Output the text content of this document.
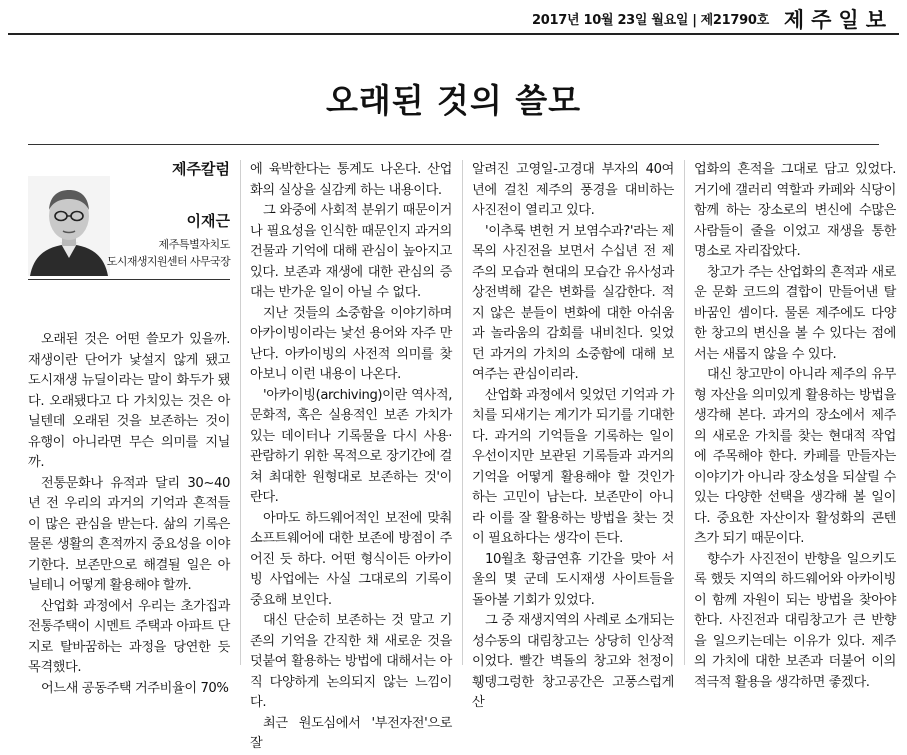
2017년 10월 23일 월요일 | 제21790호 제주일보
오래된 것의 쓸모
제주칼럼
이재근
제주특별자치도
도시재생지원센터 사무국장

오래된 것은 어떤 쓸모가 있을까. 재생이란 단어가 낯설지 않게 됐고 도시재생 뉴딜이라는 말이 화두가 됐다. 오래됐다고 다 가치있는 것은 아닐텐데 오래된 것을 보존하는 것이 유행이 아니라면 무슨 의미를 지닐까.

전통문화나 유적과 달리 30~40년 전 우리의 과거의 기억과 흔적들이 많은 관심을 받는다. 삶의 기록은 물론 생활의 흔적까지 중요성을 이야기한다. 보존만으로 해결될 일은 아닐테니 어떻게 활용해야 할까.

산업화 과정에서 우리는 초가집과 전통주택이 시멘트 주택과 아파트 단지로 탈바꿈하는 과정을 당연한 듯 목격했다.

어느새 공동주택 거주비율이 70%

에 육박한다는 통계도 나온다. 산업화의 실상을 실감케 하는 내용이다.

그 와중에 사회적 분위기 때문이거나 필요성을 인식한 때문인지 과거의 건물과 기억에 대해 관심이 높아지고 있다. 보존과 재생에 대한 관심의 증대는 반가운 일이 아닐 수 없다.

지난 것들의 소중함을 이야기하며 아카이빙이라는 낯선 용어와 자주 만난다. 아카이빙의 사전적 의미를 찾아보니 이런 내용이 나온다.

'아카이빙(archiving)이란 역사적, 문화적, 혹은 실용적인 보존 가치가 있는 데이터나 기록물을 다시 사용·관람하기 위한 목적으로 장기간에 걸쳐 최대한 원형대로 보존하는 것'이란다.

아마도 하드웨어적인 보전에 맞춰 소프트웨어에 대한 보존에 방점이 주어진 듯 하다. 어떤 형식이든 아카이빙 사업에는 사실 그대로의 기록이 중요해 보인다.

대신 단순히 보존하는 것 말고 기존의 기억을 간직한 채 새로운 것을 덧붙여 활용하는 방법에 대해서는 아직 다양하게 논의되지 않는 느낌이다.

최근 원도심에서 '부전자전'으로 잘

알려진 고영일-고경대 부자의 40여년에 걸친 제주의 풍경을 대비하는 사진전이 열리고 있다.

'이추룩 변헌 거 보염수과?'라는 제목의 사진전을 보면서 수십년 전 제주의 모습과 현대의 모습간 유사성과 상전벽해 같은 변화를 실감한다. 적지 않은 분들이 변화에 대한 아쉬움과 놀라움의 감회를 내비친다. 잊었던 과거의 가치의 소중함에 대해 보여주는 관심이리라.

산업화 과정에서 잊었던 기억과 가치를 되새기는 계기가 되기를 기대한다. 과거의 기억들을 기록하는 일이 우선이지만 보관된 기록들과 과거의 기억을 어떻게 활용해야 할 것인가 하는 고민이 남는다. 보존만이 아니라 이를 잘 활용하는 방법을 찾는 것이 필요하다는 생각이 든다.

10월초 황금연휴 기간을 맞아 서울의 몇 군데 도시재생 사이트들을 돌아볼 기회가 있었다.

그 중 재생지역의 사례로 소개되는 성수동의 대림창고는 상당히 인상적이었다. 빨간 벽돌의 창고와 천정이 휑뎅그렁한 창고공간은 고풍스럽게 산

업화의 흔적을 그대로 담고 있었다. 거기에 갤러리 역할과 카페와 식당이 함께 하는 장소로의 변신에 수많은 사람들이 줄을 이었고 재생을 통한 명소로 자리잡았다.

창고가 주는 산업화의 흔적과 새로운 문화 코드의 결합이 만들어낸 탈바꿈인 셈이다. 물론 제주에도 다양한 창고의 변신을 볼 수 있다는 점에서는 새롭지 않을 수 있다.

대신 창고만이 아니라 제주의 유무형 자산을 의미있게 활용하는 방법을 생각해 본다. 과거의 장소에서 제주의 새로운 가치를 찾는 현대적 작업에 주목해야 한다. 카페를 만들자는 이야기가 아니라 장소성을 되살릴 수 있는 다양한 선택을 생각해 볼 일이다. 중요한 자산이자 활성화의 콘텐츠가 되기 때문이다.

향수가 사진전이 반향을 일으키도록 했듯 지역의 하드웨어와 아카이빙이 함께 자원이 되는 방법을 찾아야 한다. 사진전과 대림창고가 큰 반향을 일으키는데는 이유가 있다. 제주의 가치에 대한 보존과 더불어 이의 적극적 활용을 생각하면 좋겠다.
